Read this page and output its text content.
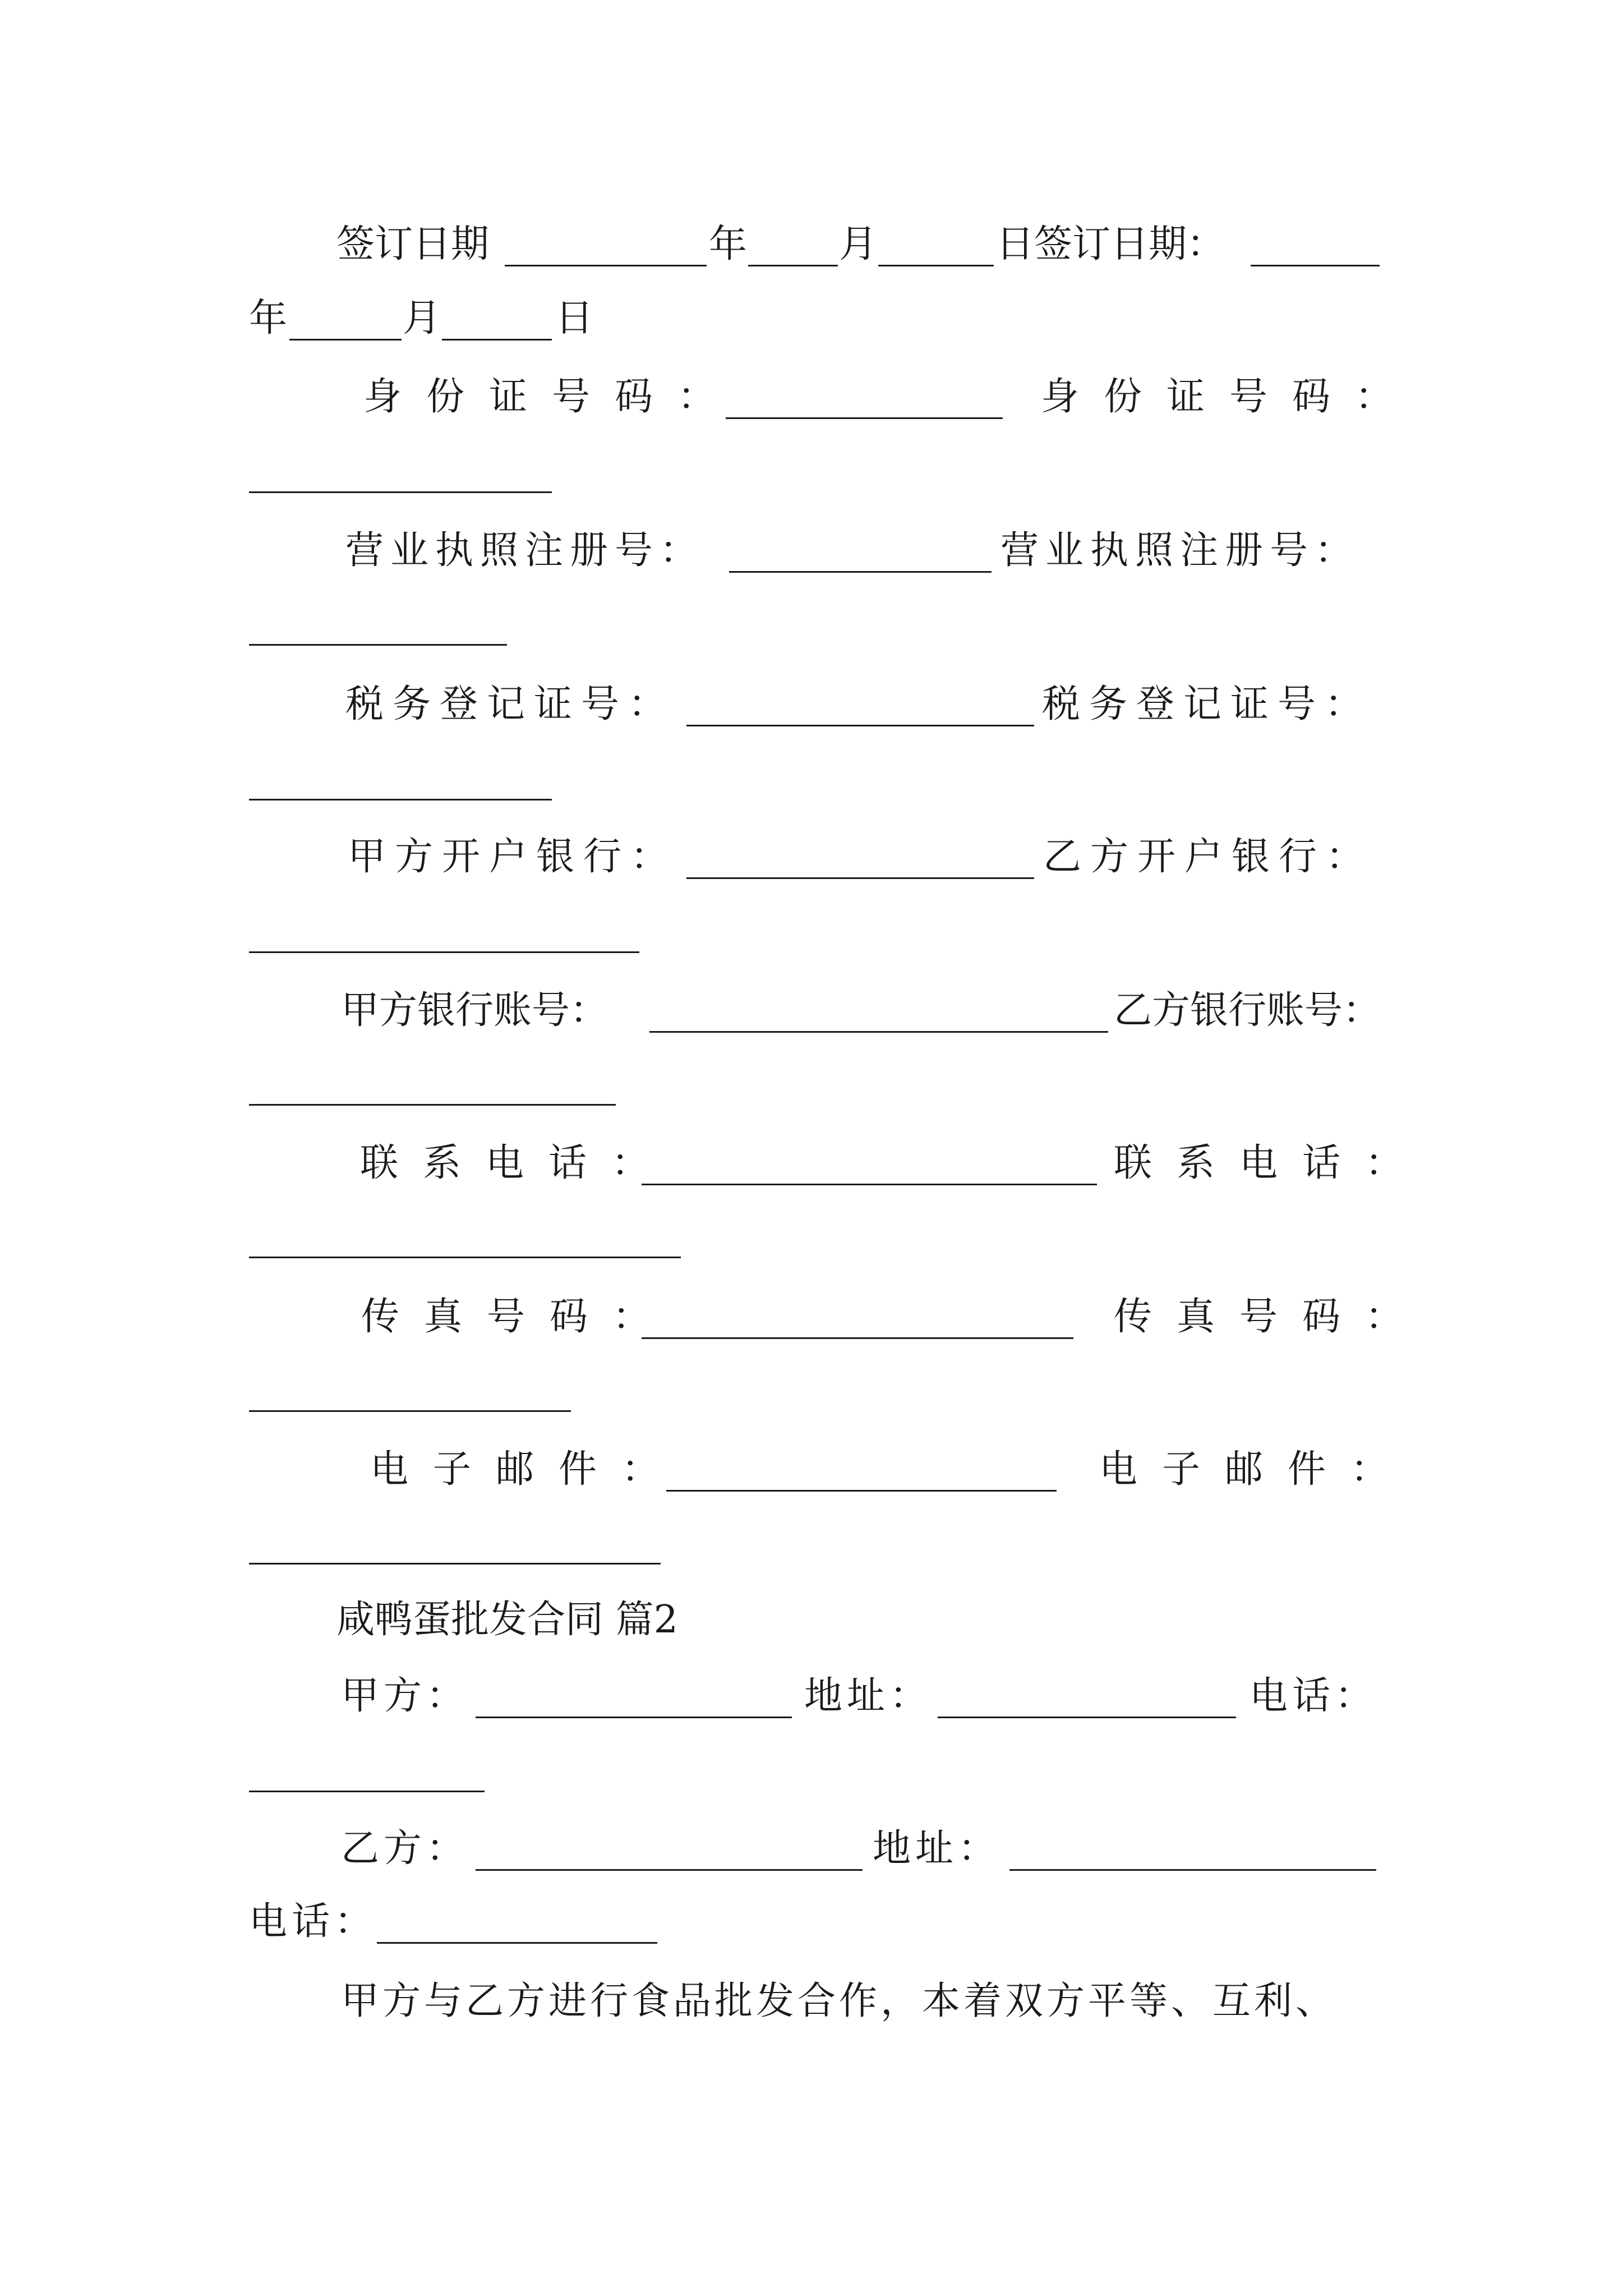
签订日期	年 月	日签订日期：
年	月	日
身份证号码：	身份证号码：
营业执照注册号：	营业执照注册号：
税务登记证号：	税务登记证号：
甲方开户银行：	乙方开户银行：
甲方银行账号：	乙方银行账号：
联系电话：	联系电话：
传真号码：	传真号码：
电子邮件：	电子邮件：
咸鸭蛋批发合同 篇2
甲方：	地址：	电话：
乙方：	地址：
电话：
甲方与乙方进行食品批发合作，本着双方平等、互利、
